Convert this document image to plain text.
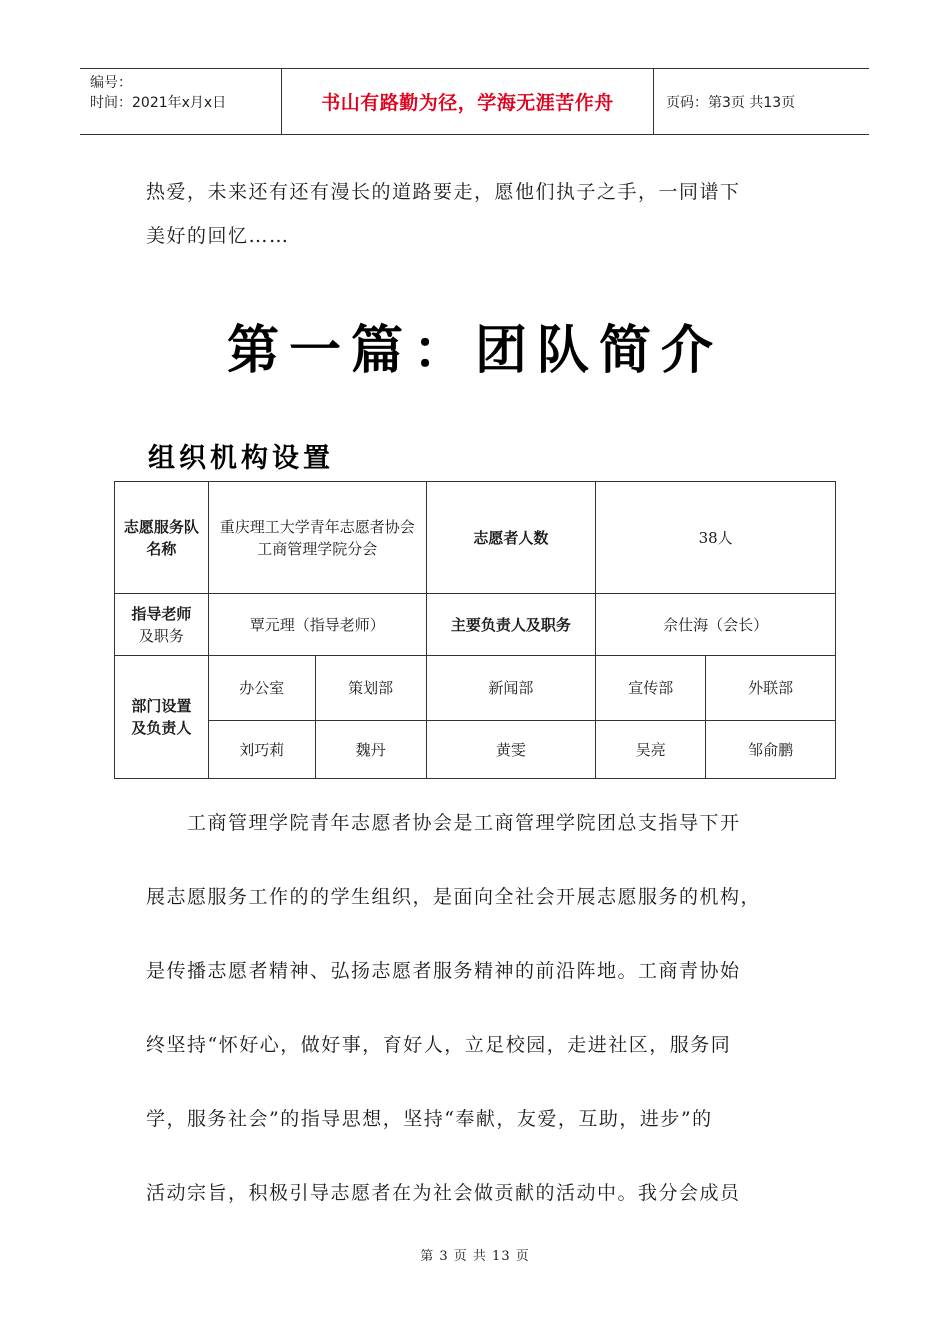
编号：
时间：2021年x月x日	书山有路勤为径，学海无涯苦作舟	页码：第3页 共13页
热爱，未来还有还有漫长的道路要走，愿他们执子之手，一同谱下
美好的回忆……
第一篇：团队简介
组织机构设置
志愿服务队名称	重庆理工大学青年志愿者协会工商管理学院分会		志愿者人数	38人	

指导老师
及职务	覃元理（指导老师）		主要负责人及职务	佘仕海（会长）	

部门设置
及负责人	办公室	策划部	新闻部	宣传部	外联部
	刘巧莉	魏丹	黄雯	吴亮	邹俞鹏
　　工商管理学院青年志愿者协会是工商管理学院团总支指导下开
展志愿服务工作的的学生组织，是面向全社会开展志愿服务的机构，
是传播志愿者精神、弘扬志愿者服务精神的前沿阵地。工商青协始
终坚持“怀好心，做好事，育好人，立足校园，走进社区，服务同
学，服务社会”的指导思想，坚持“奉献，友爱，互助，进步”的
活动宗旨，积极引导志愿者在为社会做贡献的活动中。我分会成员
第 3 页 共 13 页
